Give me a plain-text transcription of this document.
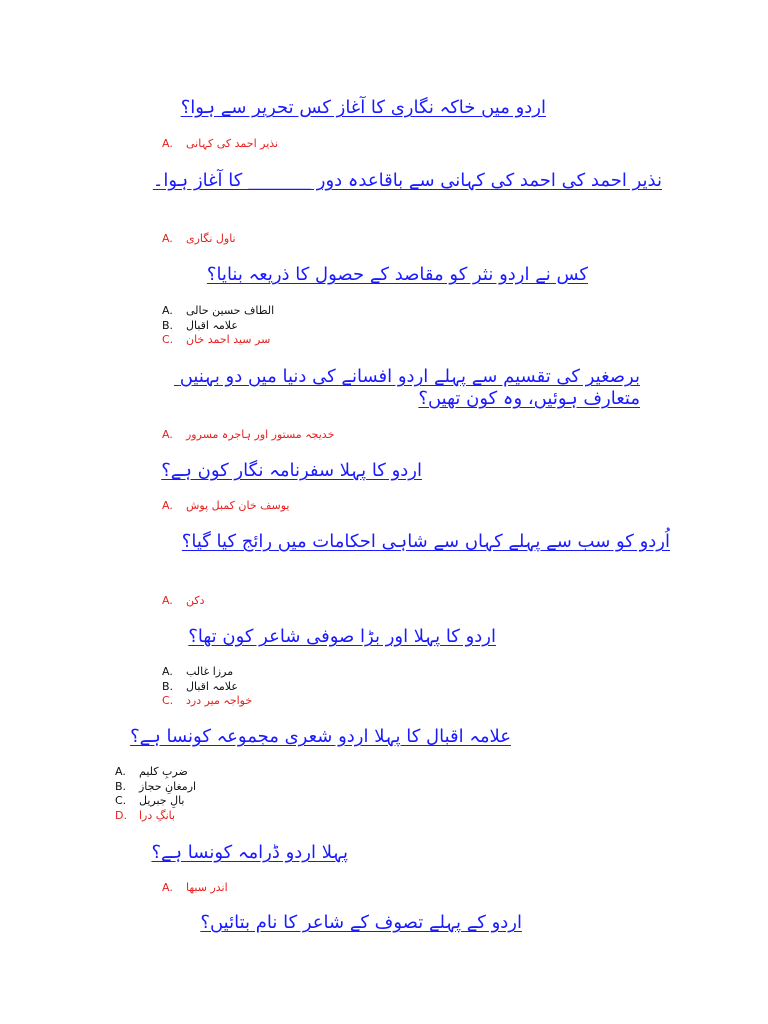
اردو میں خاکہ نگاری کا آغاز کس تحریر سے ہوا؟
A. نذیر احمد کی کہانی
نذیر احمد کی احمد کی کہانی سے باقاعدہ دور _______ کا آغاز ہوا۔
A. ناول نگاری
کس نے اردو نثر کو مقاصد کے حصول کا ذریعہ بنایا؟
A. الطاف حسین حالی
B. علامہ اقبال
C. سر سید احمد خان
برصغیر کی تقسیم سے پہلے اردو افسانے کی دنیا میں دو بہنیں متعارف ہوئیں، وہ کون تھیں؟
A. خدیجہ مستور اور ہاجرہ مسرور
اردو کا پہلا سفرنامہ نگار کون ہے؟
A. یوسف خان کمبل پوش
اُردو کو سب سے پہلے کہاں سے شاہی احکامات میں رائج کیا گیا؟
A. دکن
اردو کا پہلا اور بڑا صوفی شاعر کون تھا؟
A. مرزا غالب
B. علامہ اقبال
C. خواجہ میر درد
علامہ اقبال کا پہلا اردو شعری مجموعہ کونسا ہے؟
A. ضربِ کلیم
B. ارمغانِ حجاز
C. بالِ جبریل
D. بانگِ درا
پہلا اردو ڈرامہ کونسا ہے؟
A. اندر سبھا
اردو کے پہلے تصوف کے شاعر کا نام بتائیں؟
